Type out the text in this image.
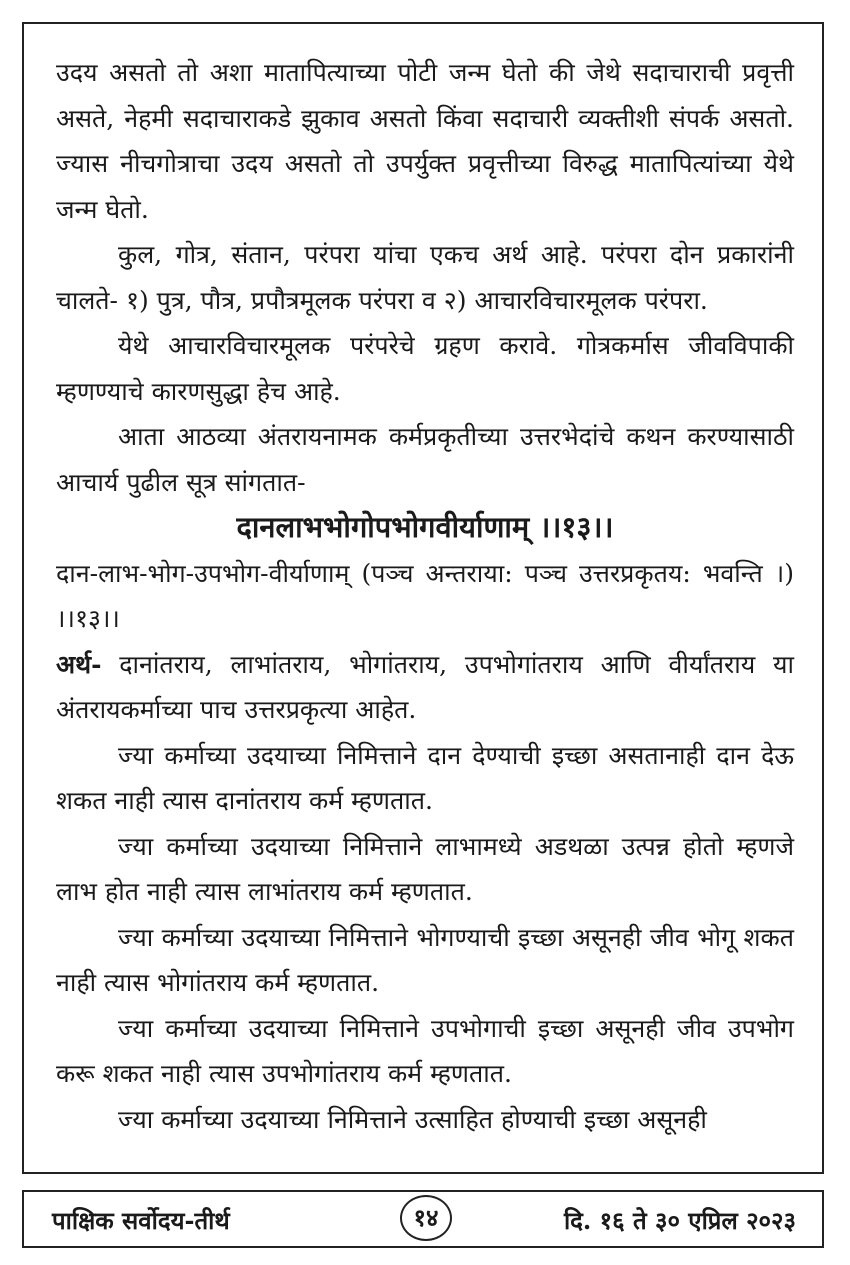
उदय असतो तो अशा मातापित्याच्या पोटी जन्म घेतो की जेथे सदाचाराची प्रवृत्ती असते, नेहमी सदाचाराकडे झुकाव असतो किंवा सदाचारी व्यक्तीशी संपर्क असतो. ज्यास नीचगोत्राचा उदय असतो तो उपर्युक्त प्रवृत्तीच्या विरुद्ध मातापित्यांच्या येथे जन्म घेतो.

कुल, गोत्र, संतान, परंपरा यांचा एकच अर्थ आहे. परंपरा दोन प्रकारांनी चालते- १) पुत्र, पौत्र, प्रपौत्रमूलक परंपरा व २) आचारविचारमूलक परंपरा.

येथे आचारविचारमूलक परंपरेचे ग्रहण करावे. गोत्रकर्मास जीवविपाकी म्हणण्याचे कारणसुद्धा हेच आहे.

आता आठव्या अंतरायनामक कर्मप्रकृतीच्या उत्तरभेदांचे कथन करण्यासाठी आचार्य पुढील सूत्र सांगतात-

दानलाभभोगोपभोगवीर्याणाम् ।।१३।।

दान-लाभ-भोग-उपभोग-वीर्याणाम् (पञ्च अन्तराया: पञ्च उत्तरप्रकृतय: भवन्ति ।) ।।१३।।

अर्थ- दानांतराय, लाभांतराय, भोगांतराय, उपभोगांतराय आणि वीर्यांतराय या अंतरायकर्माच्या पाच उत्तरप्रकृत्या आहेत.

ज्या कर्माच्या उदयाच्या निमित्ताने दान देण्याची इच्छा असतानाही दान देऊ शकत नाही त्यास दानांतराय कर्म म्हणतात.

ज्या कर्माच्या उदयाच्या निमित्ताने लाभामध्ये अडथळा उत्पन्न होतो म्हणजे लाभ होत नाही त्यास लाभांतराय कर्म म्हणतात.

ज्या कर्माच्या उदयाच्या निमित्ताने भोगण्याची इच्छा असूनही जीव भोगू शकत नाही त्यास भोगांतराय कर्म म्हणतात.

ज्या कर्माच्या उदयाच्या निमित्ताने उपभोगाची इच्छा असूनही जीव उपभोग करू शकत नाही त्यास उपभोगांतराय कर्म म्हणतात.

ज्या कर्माच्या उदयाच्या निमित्ताने उत्साहित होण्याची इच्छा असूनही

पाक्षिक सर्वोदय-तीर्थ	१४	दि. १६ ते ३० एप्रिल २०२३
